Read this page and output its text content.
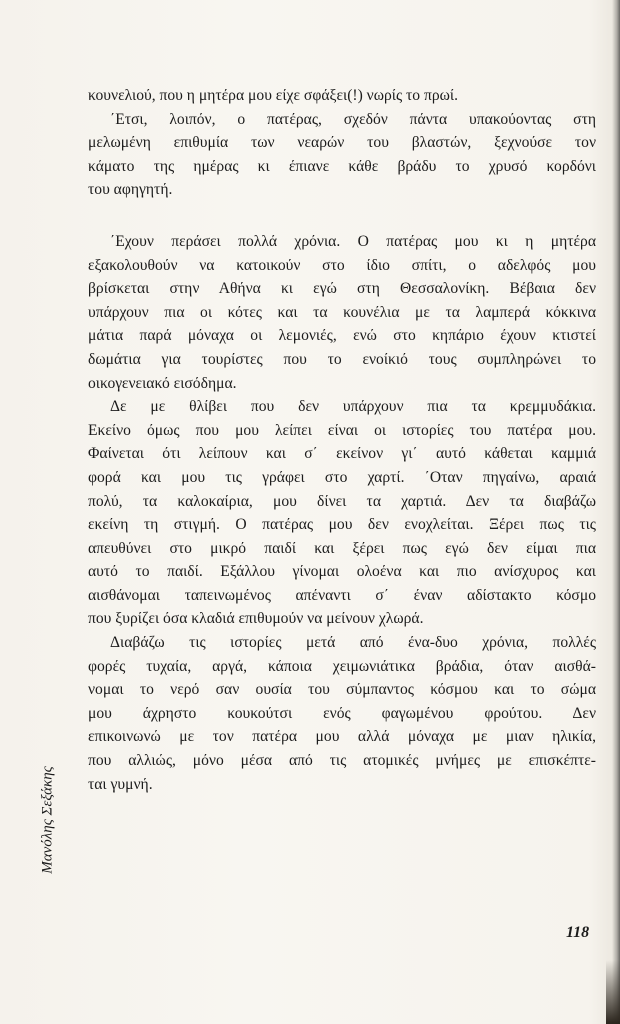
κουνελιού, που η μητέρα μου είχε σφάξει(!) νωρίς το πρωί.
΄Ετσι, λοιπόν, ο πατέρας, σχεδόν πάντα υπακούοντας στη
μελωμένη επιθυμία των νεαρών του βλαστών, ξεχνούσε τον
κάματο της ημέρας κι έπιανε κάθε βράδυ το χρυσό κορδόνι
του αφηγητή.
΄Εχουν περάσει πολλά χρόνια. Ο πατέρας μου κι η μητέρα
εξακολουθούν να κατοικούν στο ίδιο σπίτι, ο αδελφός μου
βρίσκεται στην Αθήνα κι εγώ στη Θεσσαλονίκη. Βέβαια δεν
υπάρχουν πια οι κότες και τα κουνέλια με τα λαμπερά κόκκινα
μάτια παρά μόναχα οι λεμονιές, ενώ στο κηπάριο έχουν κτιστεί
δωμάτια για τουρίστες που το ενοίκιό τους συμπληρώνει το
οικογενειακό εισόδημα.
Δε με θλίβει που δεν υπάρχουν πια τα κρεμμυδάκια.
Εκείνο όμως που μου λείπει είναι οι ιστορίες του πατέρα μου.
Φαίνεται ότι λείπουν και σ΄ εκείνον γι΄ αυτό κάθεται καμμιά
φορά και μου τις γράφει στο χαρτί. ΄Οταν πηγαίνω, αραιά
πολύ, τα καλοκαίρια, μου δίνει τα χαρτιά. Δεν τα διαβάζω
εκείνη τη στιγμή. Ο πατέρας μου δεν ενοχλείται. Ξέρει πως τις
απευθύνει στο μικρό παιδί και ξέρει πως εγώ δεν είμαι πια
αυτό το παιδί. Εξάλλου γίνομαι ολοένα και πιο ανίσχυρος και
αισθάνομαι ταπεινωμένος απέναντι σ΄ έναν αδίστακτο κόσμο
που ξυρίζει όσα κλαδιά επιθυμούν να μείνουν χλωρά.
Διαβάζω τις ιστορίες μετά από ένα-δυο χρόνια, πολλές
φορές τυχαία, αργά, κάποια χειμωνιάτικα βράδια, όταν αισθά-
νομαι το νερό σαν ουσία του σύμπαντος κόσμου και το σώμα
μου άχρηστο κουκούτσι ενός φαγωμένου φρούτου. Δεν
επικοινωνώ με τον πατέρα μου αλλά μόναχα με μιαν ηλικία,
που αλλιώς, μόνο μέσα από τις ατομικές μνήμες με επισκέπτε-
ται γυμνή.
Μανόλης Σεξάκης
118
